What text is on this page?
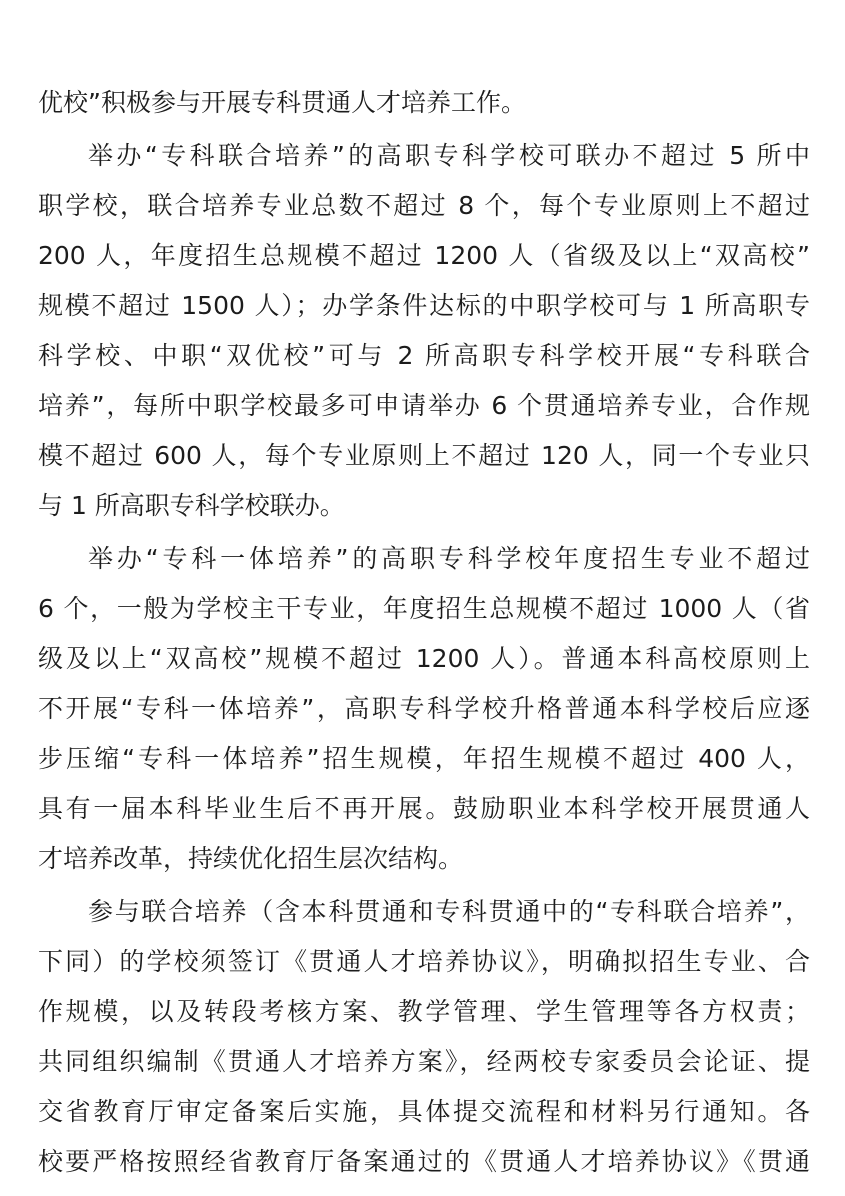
优校”积极参与开展专科贯通人才培养工作。
举办“专科联合培养”的高职专科学校可联办不超过 5 所中
职学校，联合培养专业总数不超过 8 个，每个专业原则上不超过
200 人，年度招生总规模不超过 1200 人（省级及以上“双高校”
规模不超过 1500 人）；办学条件达标的中职学校可与 1 所高职专
科学校、中职“双优校”可与 2 所高职专科学校开展“专科联合
培养”，每所中职学校最多可申请举办 6 个贯通培养专业，合作规
模不超过 600 人，每个专业原则上不超过 120 人，同一个专业只
与 1 所高职专科学校联办。
举办“专科一体培养”的高职专科学校年度招生专业不超过
6 个，一般为学校主干专业，年度招生总规模不超过 1000 人（省
级及以上“双高校”规模不超过 1200 人）。普通本科高校原则上
不开展“专科一体培养”，高职专科学校升格普通本科学校后应逐
步压缩“专科一体培养”招生规模，年招生规模不超过 400 人，
具有一届本科毕业生后不再开展。鼓励职业本科学校开展贯通人
才培养改革，持续优化招生层次结构。
参与联合培养（含本科贯通和专科贯通中的“专科联合培养”，
下同）的学校须签订《贯通人才培养协议》，明确拟招生专业、合
作规模，以及转段考核方案、教学管理、学生管理等各方权责；
共同组织编制《贯通人才培养方案》，经两校专家委员会论证、提
交省教育厅审定备案后实施，具体提交流程和材料另行通知。各
校要严格按照经省教育厅备案通过的《贯通人才培养协议》《贯通
